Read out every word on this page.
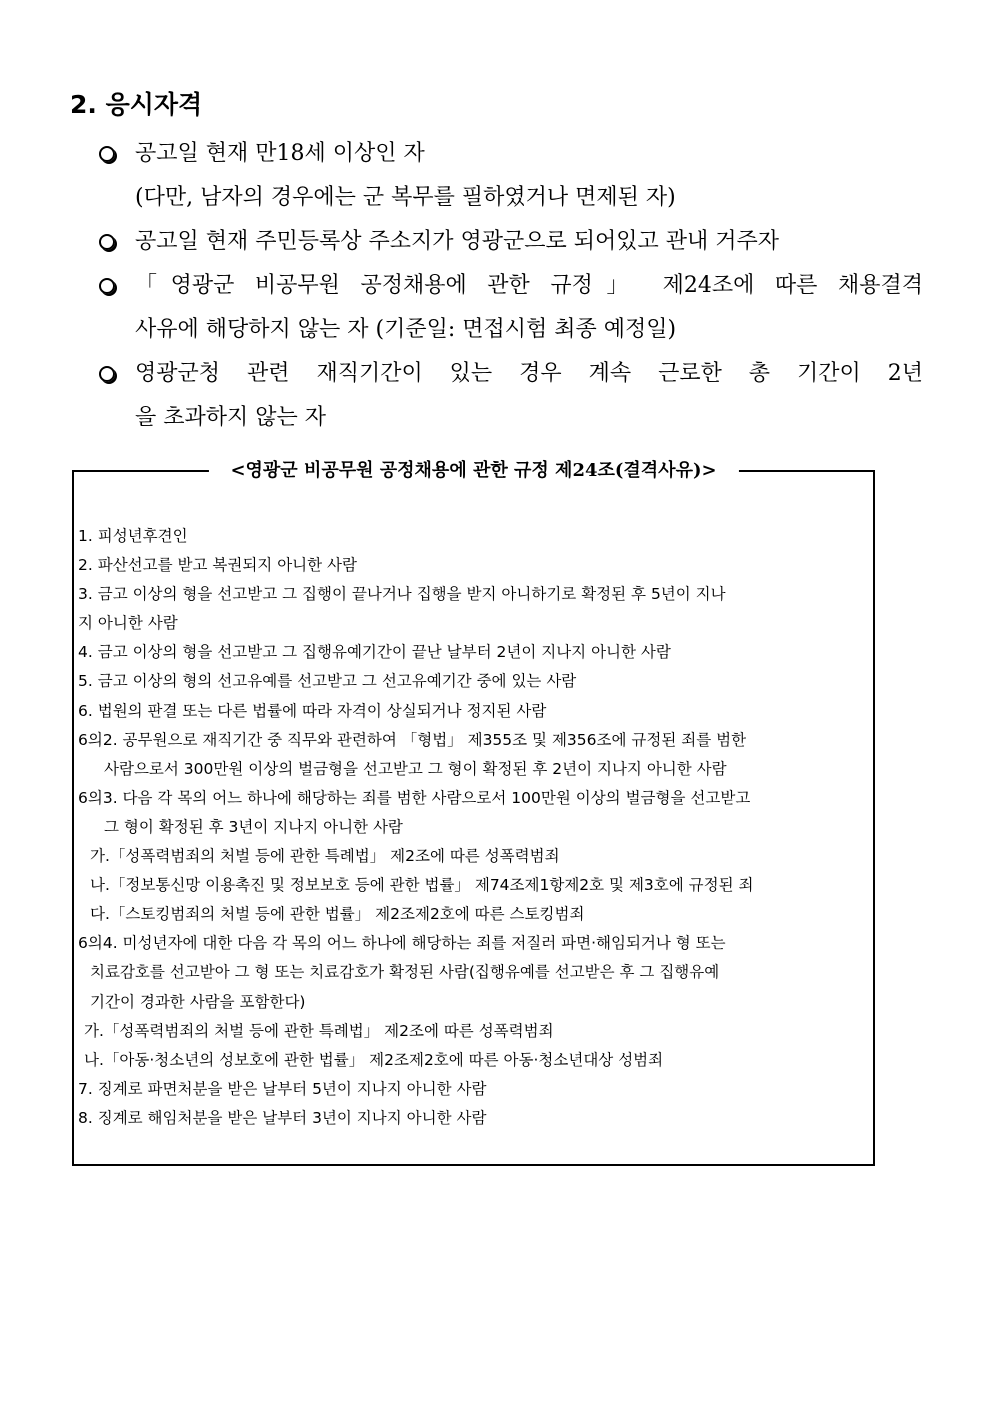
2. 응시자격
공고일 현재 만18세 이상인 자
(다만, 남자의 경우에는 군 복무를 필하였거나 면제된 자)
공고일 현재 주민등록상 주소지가 영광군으로 되어있고 관내 거주자
「영광군 비공무원 공정채용에 관한 규정」 제24조에 따른 채용결격
사유에 해당하지 않는 자 (기준일: 면접시험 최종 예정일)
영광군청 관련 재직기간이 있는 경우 계속 근로한 총 기간이 2년
을 초과하지 않는 자
<영광군 비공무원 공정채용에 관한 규정 제24조(결격사유)>
1. 피성년후견인
2. 파산선고를 받고 복권되지 아니한 사람
3. 금고 이상의 형을 선고받고 그 집행이 끝나거나 집행을 받지 아니하기로 확정된 후 5년이 지나
지 아니한 사람
4. 금고 이상의 형을 선고받고 그 집행유예기간이 끝난 날부터 2년이 지나지 아니한 사람
5. 금고 이상의 형의 선고유예를 선고받고 그 선고유예기간 중에 있는 사람
6. 법원의 판결 또는 다른 법률에 따라 자격이 상실되거나 정지된 사람
6의2. 공무원으로 재직기간 중 직무와 관련하여 「형법」 제355조 및 제356조에 규정된 죄를 범한
사람으로서 300만원 이상의 벌금형을 선고받고 그 형이 확정된 후 2년이 지나지 아니한 사람
6의3. 다음 각 목의 어느 하나에 해당하는 죄를 범한 사람으로서 100만원 이상의 벌금형을 선고받고
그 형이 확정된 후 3년이 지나지 아니한 사람
가.「성폭력범죄의 처벌 등에 관한 특례법」 제2조에 따른 성폭력범죄
나.「정보통신망 이용촉진 및 정보보호 등에 관한 법률」 제74조제1항제2호 및 제3호에 규정된 죄
다.「스토킹범죄의 처벌 등에 관한 법률」 제2조제2호에 따른 스토킹범죄
6의4. 미성년자에 대한 다음 각 목의 어느 하나에 해당하는 죄를 저질러 파면·해임되거나 형 또는
치료감호를 선고받아 그 형 또는 치료감호가 확정된 사람(집행유예를 선고받은 후 그 집행유예
기간이 경과한 사람을 포함한다)
가.「성폭력범죄의 처벌 등에 관한 특례법」 제2조에 따른 성폭력범죄
나.「아동·청소년의 성보호에 관한 법률」 제2조제2호에 따른 아동·청소년대상 성범죄
7. 징계로 파면처분을 받은 날부터 5년이 지나지 아니한 사람
8. 징계로 해임처분을 받은 날부터 3년이 지나지 아니한 사람
